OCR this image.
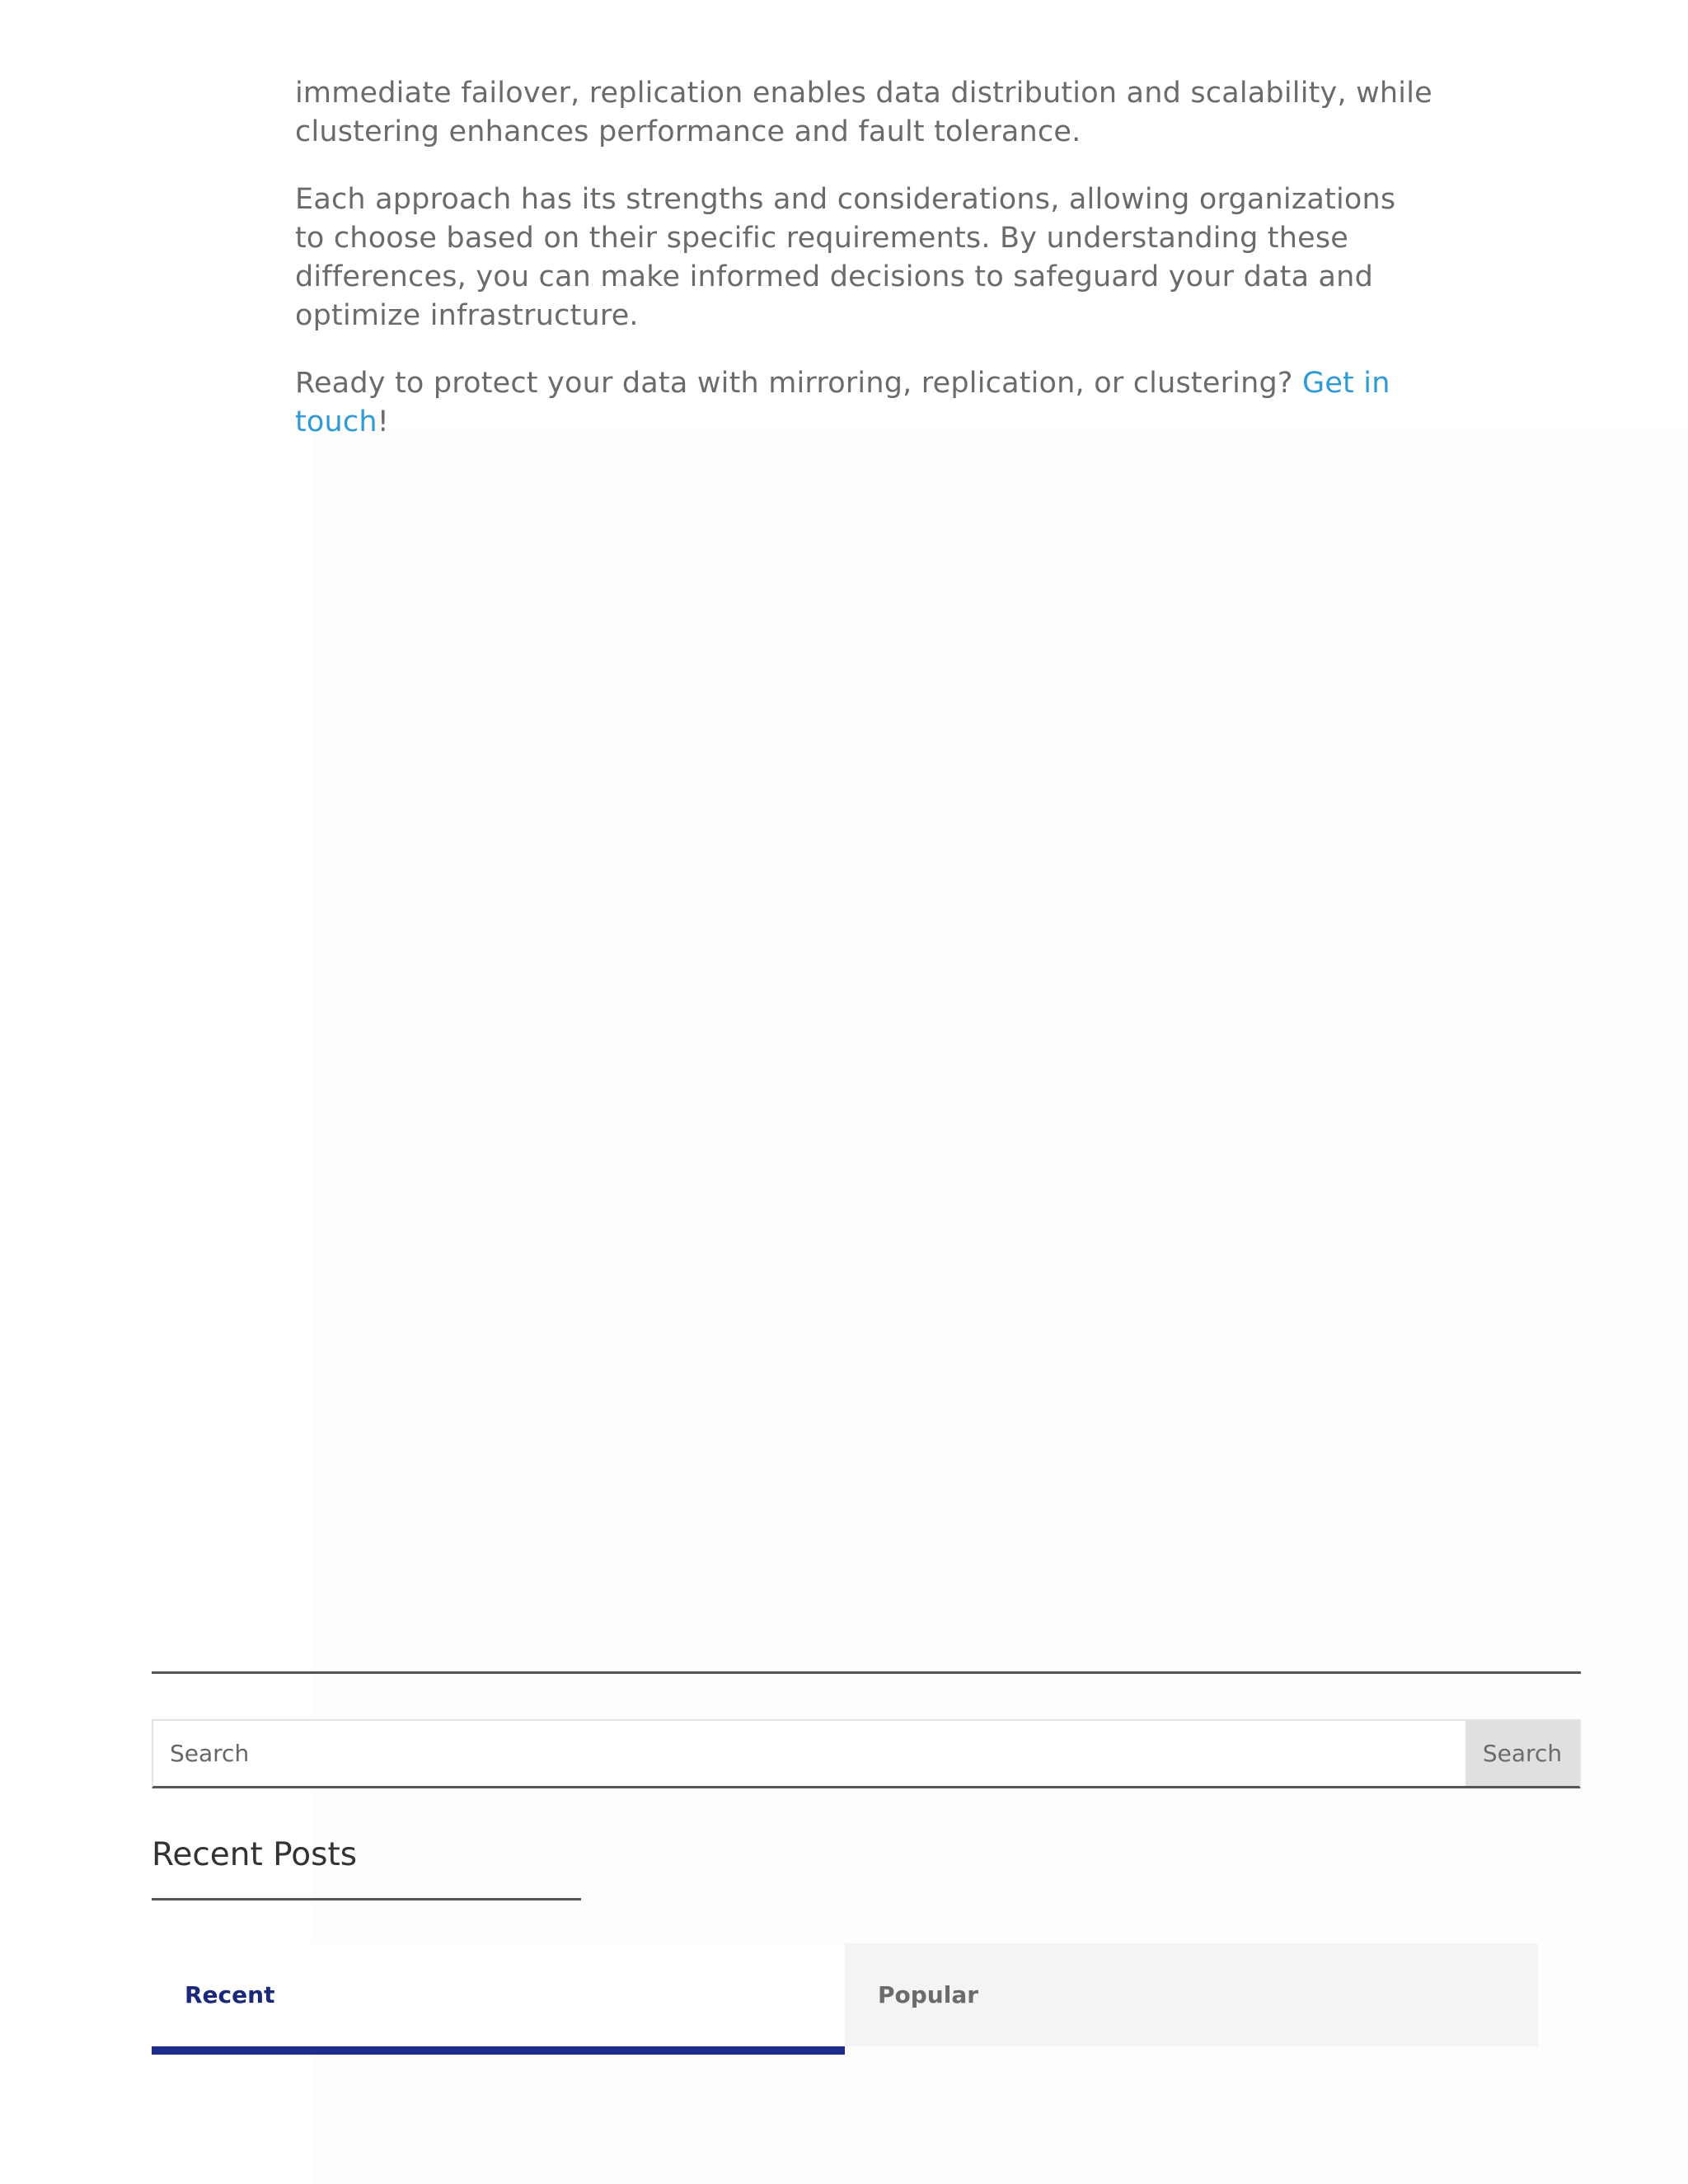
immediate failover, replication enables data distribution and scalability, while clustering enhances performance and fault tolerance.

Each approach has its strengths and considerations, allowing organizations to choose based on their specific requirements. By understanding these differences, you can make informed decisions to safeguard your data and optimize infrastructure.

Ready to protect your data with mirroring, replication, or clustering? Get in touch!

Search
Search
Recent Posts
Recent	Popular
